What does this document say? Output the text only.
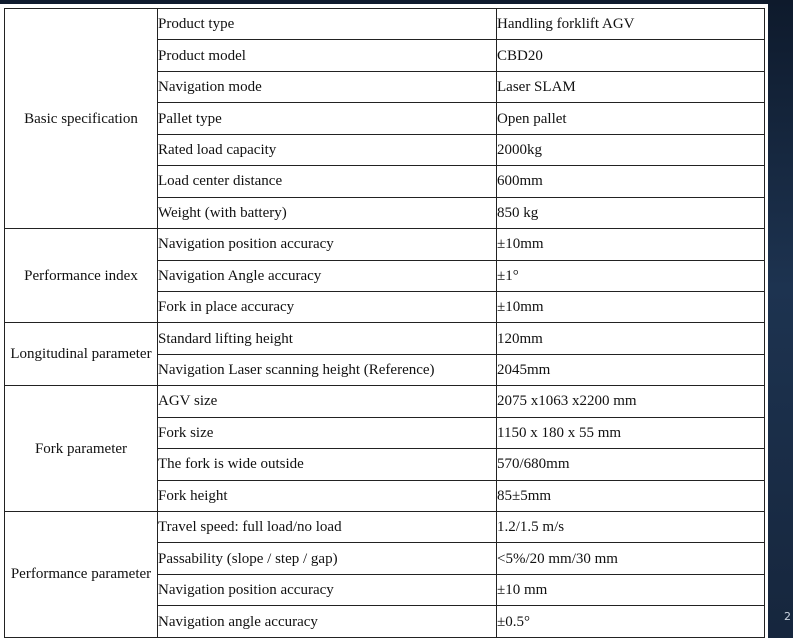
2
Basic specification	Product type	Handling forklift AGV
	Product model	CBD20
	Navigation mode	Laser SLAM
	Pallet type	Open pallet
	Rated load capacity	2000kg
	Load center distance	600mm
	Weight (with battery)	850 kg
Performance index	Navigation position accuracy	±10mm
	Navigation Angle accuracy	±1°
	Fork in place accuracy	±10mm
Longitudinal parameter	Standard lifting height	120mm
	Navigation Laser scanning height (Reference)	2045mm
Fork parameter	AGV size	2075 x1063 x2200 mm
	Fork size	1150 x 180 x 55 mm
	The fork is wide outside	570/680mm
	Fork height	85±5mm
Performance parameter	Travel speed: full load/no load	1.2/1.5 m/s
	Passability (slope / step / gap)	<5%/20 mm/30 mm
	Navigation position accuracy	±10 mm
	Navigation angle accuracy	±0.5°
